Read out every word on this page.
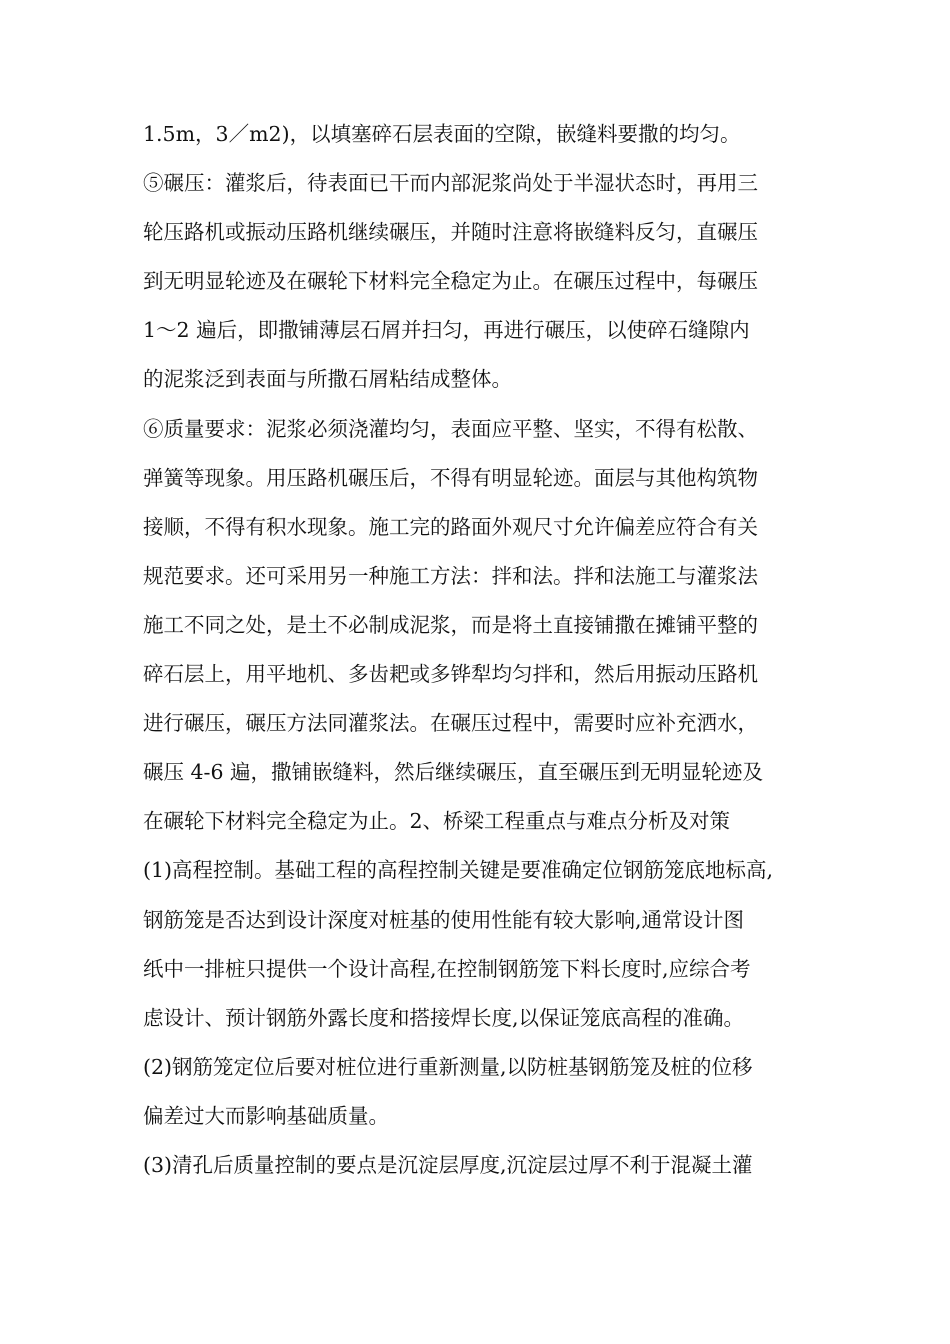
1.5m，3／m2)，以填塞碎石层表面的空隙，嵌缝料要撒的均匀。
⑤碾压：灌浆后，待表面已干而内部泥浆尚处于半湿状态时，再用三
轮压路机或振动压路机继续碾压，并随时注意将嵌缝料反匀，直碾压
到无明显轮迹及在碾轮下材料完全稳定为止。在碾压过程中，每碾压
1～2 遍后，即撒铺薄层石屑并扫匀，再进行碾压，以使碎石缝隙内
的泥浆泛到表面与所撒石屑粘结成整体。
⑥质量要求：泥浆必须浇灌均匀，表面应平整、坚实，不得有松散、
弹簧等现象。用压路机碾压后，不得有明显轮迹。面层与其他构筑物
接顺，不得有积水现象。施工完的路面外观尺寸允许偏差应符合有关
规范要求。还可采用另一种施工方法：拌和法。拌和法施工与灌浆法
施工不同之处，是土不必制成泥浆，而是将土直接铺撒在摊铺平整的
碎石层上，用平地机、多齿耙或多铧犁均匀拌和，然后用振动压路机
进行碾压，碾压方法同灌浆法。在碾压过程中，需要时应补充洒水，
碾压 4-6 遍，撒铺嵌缝料，然后继续碾压，直至碾压到无明显轮迹及
在碾轮下材料完全稳定为止。2、桥梁工程重点与难点分析及对策
(1)高程控制。基础工程的高程控制关键是要准确定位钢筋笼底地标高,
钢筋笼是否达到设计深度对桩基的使用性能有较大影响,通常设计图
纸中一排桩只提供一个设计高程,在控制钢筋笼下料长度时,应综合考
虑设计、预计钢筋外露长度和搭接焊长度,以保证笼底高程的准确。
(2)钢筋笼定位后要对桩位进行重新测量,以防桩基钢筋笼及桩的位移
偏差过大而影响基础质量。
(3)清孔后质量控制的要点是沉淀层厚度,沉淀层过厚不利于混凝土灌
